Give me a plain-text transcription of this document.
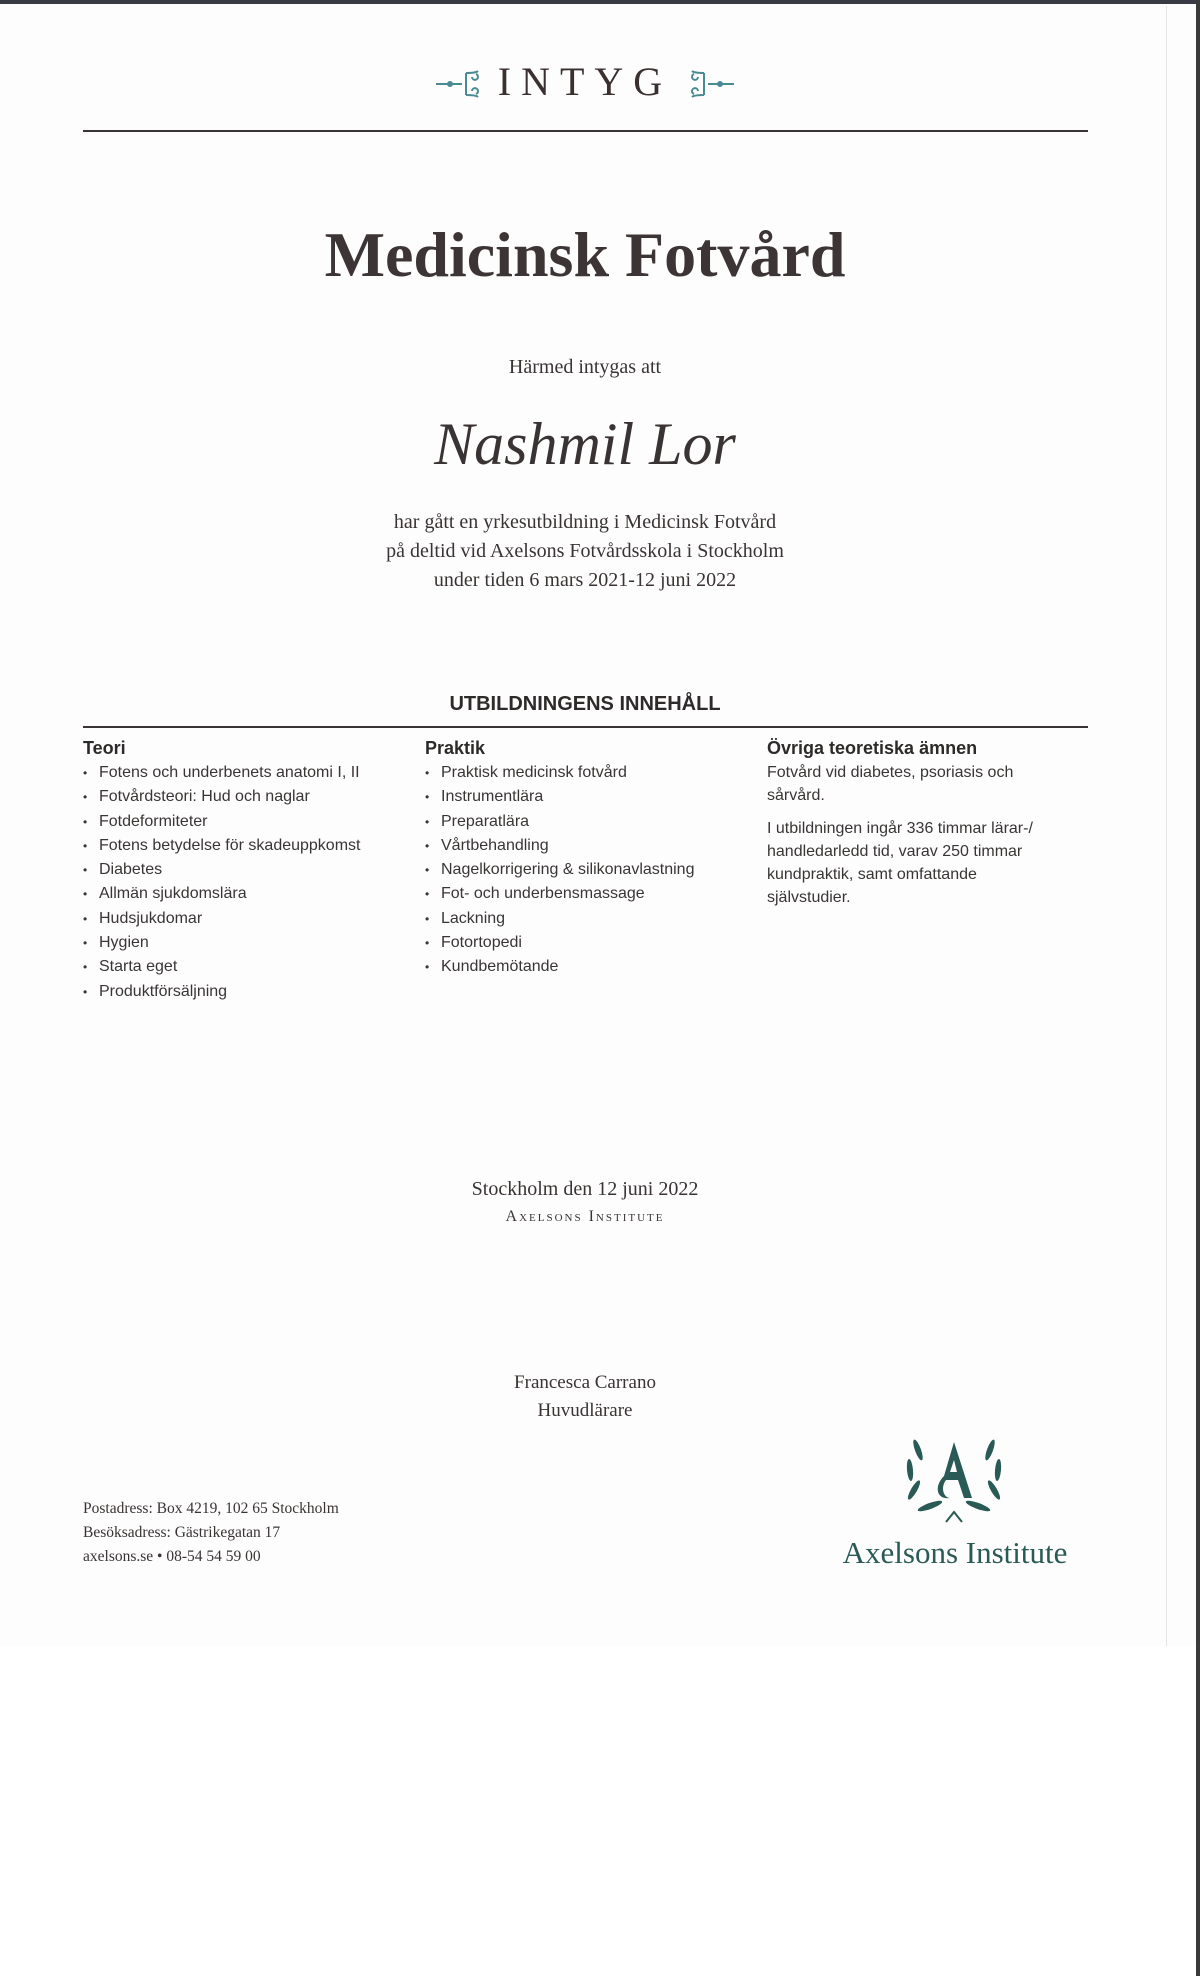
INTYG
Medicinsk Fotvård
Härmed intygas att
Nashmil Lor
har gått en yrkesutbildning i Medicinsk Fotvård
på deltid vid Axelsons Fotvårdsskola i Stockholm
under tiden 6 mars 2021-12 juni 2022
UTBILDNINGENS INNEHÅLL
Teori
• Fotens och underbenets anatomi I, II
• Fotvårdsteori: Hud och naglar
• Fotdeformiteter
• Fotens betydelse för skadeuppkomst
• Diabetes
• Allmän sjukdomslära
• Hudsjukdomar
• Hygien
• Starta eget
• Produktförsäljning
Praktik
• Praktisk medicinsk fotvård
• Instrumentlära
• Preparatlära
• Vårtbehandling
• Nagelkorrigering & silikonavlastning
• Fot- och underbensmassage
• Lackning
• Fotortopedi
• Kundbemötande
Övriga teoretiska ämnen

Fotvård vid diabetes, psoriasis och sårvård.

I utbildningen ingår 336 timmar lärar-/ handledarledd tid, varav 250 timmar kundpraktik, samt omfattande självstudier.

Stockholm den 12 juni 2022
Axelsons Institute
Francesca Carrano
Huvudlärare
Postadress: Box 4219, 102 65 Stockholm
Besöksadress: Gästrikegatan 17
axelsons.se • 08-54 54 59 00	Axelsons Institute
